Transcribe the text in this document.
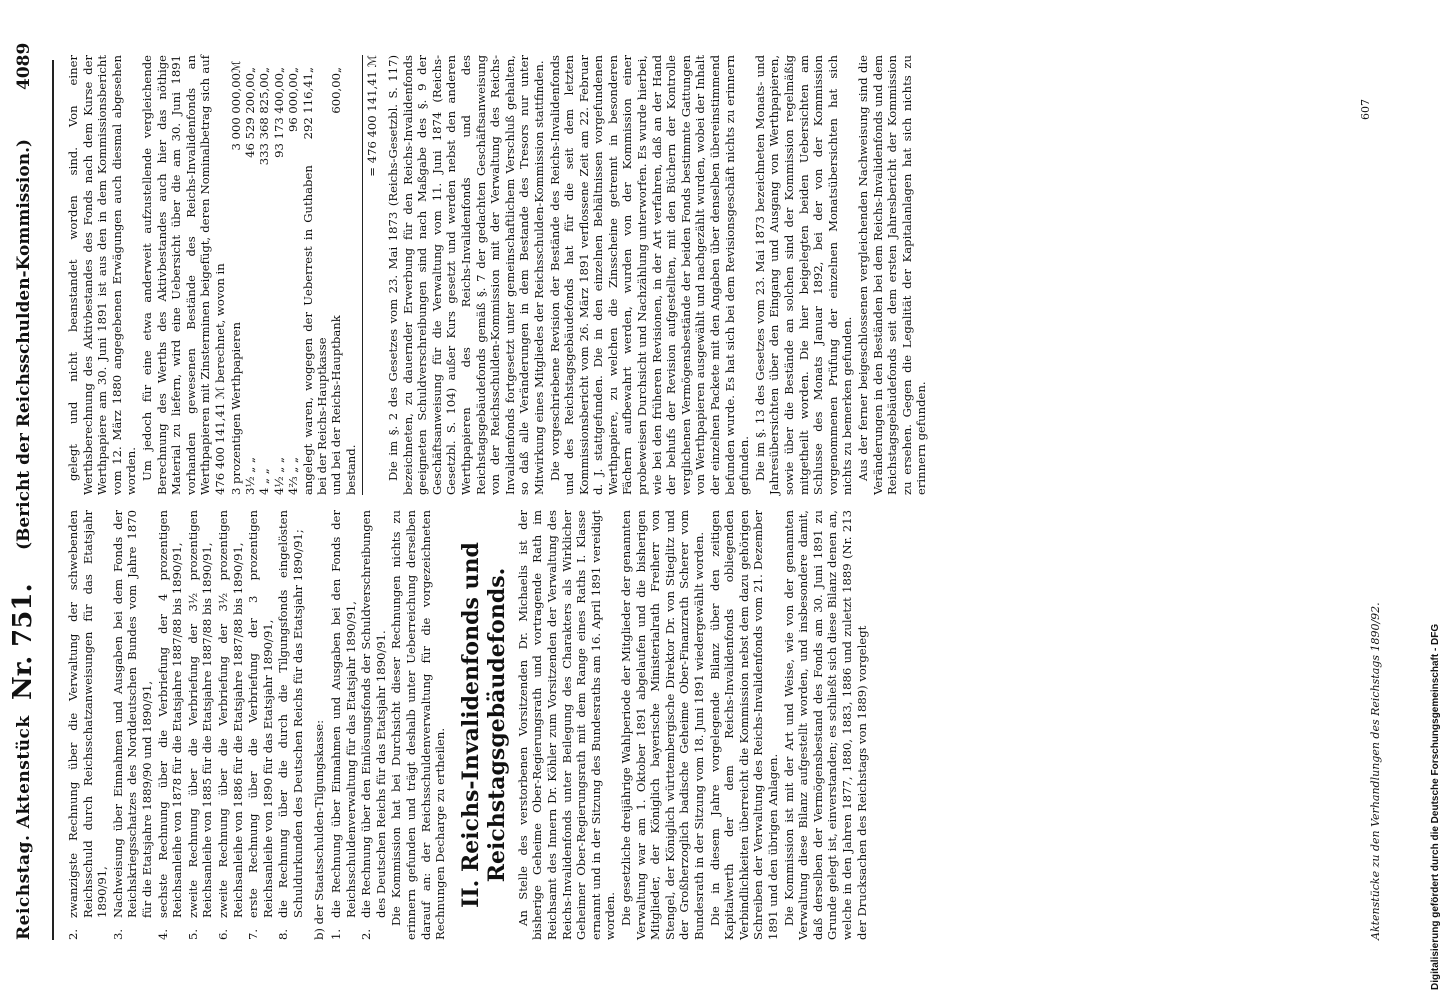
Reichstag. Aktenstück
Nr. 751.
(Bericht der Reichsschulden-Kommission.)
4089
2.
zwanzigste Rechnung über die Verwaltung der schwebenden Reichsschuld durch Reichsschatzanweisungen für das Etatsjahr 1890/91,
3.
Nachweisung über Einnahmen und Ausgaben bei dem Fonds der Reichskriegsschatzes des Norddeutschen Bundes vom Jahre 1870 für die Etatsjahre 1889/90 und 1890/91,
4.
sechste Rechnung über die Verbriefung der 4 prozentigen Reichsanleihe von 1878 für die Etatsjahre 1887/88 bis 1890/91,
5.
zweite Rechnung über die Verbriefung der 3½ prozentigen Reichsanleihe von 1885 für die Etatsjahre 1887/88 bis 1890/91,
6.
zweite Rechnung über die Verbriefung der 3½ prozentigen Reichsanleihe von 1886 für die Etatsjahre 1887/88 bis 1890/91,
7.
erste Rechnung über die Verbriefung der 3 prozentigen Reichsanleihe von 1890 für das Etatsjahr 1890/91,
8.
die Rechnung über die durch die Tilgungsfonds eingelösten Schuldurkunden des Deutschen Reichs für das Etatsjahr 1890/91; b) der Staatsschulden-Tilgungskasse: 1.
die Rechnung über Einnahmen und Ausgaben bei den Fonds der Reichsschuldenverwaltung für das Etatsjahr 1890/91,
2.
die Rechnung über den Einlösungsfonds der Schuldverschreibungen des Deutschen Reichs für das Etatsjahr 1890/91. Die Kommission hat bei Durchsicht dieser Rechnungen nichts zu erinnern gefunden und trägt deshalb unter Ueberreichung derselben darauf an: der Reichsschuldenverwaltung für die vorgezeichneten Rechnungen Decharge zu ertheilen. II. Reichs-Invalidenfonds und Reichstagsgebäudefonds. An Stelle des verstorbenen Vorsitzenden Dr. Michaelis ist der bisherige Geheime Ober-Regierungsrath und vortragende Rath im Reichsamt des Innern Dr. Köhler zum Vorsitzenden der Verwaltung des Reichs-Invalidenfonds unter Beilegung des Charakters als Wirklicher Geheimer Ober-Regierungsrath mit dem Range eines Raths I. Klasse ernannt und in der Sitzung des Bundesraths am 16. April 1891 vereidigt worden. Die gesetzliche dreijährige Wahlperiode der Mitglieder der genannten Verwaltung war am 1. Oktober 1891 abgelaufen und die bisherigen Mitglieder, der Königlich bayerische Ministerialrath Freiherr von Stengel, der Königlich württembergische Direktor Dr. von Stieglitz und der Großherzoglich badische Geheime Ober-Finanzrath Scherer vom Bundesrath in der Sitzung vom 18. Juni 1891 wiedergewählt worden. Die in diesem Jahre vorgelegende Bilanz über den zeitigen Kapitalwerth der dem Reichs-Invalidenfonds obliegenden Verbindlichkeiten überreicht die Kommission nebst dem dazu gehörigen Schreiben der Verwaltung des Reichs-Invalidenfonds vom 21. Dezember 1891 und den übrigen Anlagen. Die Kommission ist mit der Art und Weise, wie von der genannten Verwaltung diese Bilanz aufgestellt worden, und insbesondere damit, daß derselben der Vermögensbestand des Fonds am 30. Juni 1891 zu Grunde gelegt ist, einverstanden; es schließt sich diese Bilanz denen an, welche in den Jahren 1877, 1880, 1883, 1886 und zuletzt 1889 (Nr. 213 der Drucksachen des Reichstags von 1889) vorgelegt

gelegt und nicht beanstandet worden sind. Von einer Werthsberechnung des Aktivbestandes des Fonds nach dem Kurse der Werthpapiere am 30. Juni 1891 ist aus den in dem Kommissionsbericht vom 12. März 1880 angegebenen Erwägungen auch diesmal abgesehen worden. Um jedoch für eine etwa anderweit aufzustellende vergleichende Berechnung des Werths des Aktivbestandes auch hier das nöthige Material zu liefern, wird eine Uebersicht über die am 30. Juni 1891 vorhanden gewesenen Bestände des Reichs-Invalidenfonds an Werthpapieren mit Zinsterminen beigefügt, deren Nominalbetrag sich auf 476 400 141,41 ℳ berechnet, wovon in 3 prozentigen Werthpapieren	3 000 000,00	ℳ
3½ „ „	46 529 200,00	„
4 „ „	333 368 825,00	„
4½ „ „	93 173 400,00	„
4⅔ „ „	96 000,00	„
angelegt waren, wogegen der Ueberrest in Guthaben bei der Reichs-Hauptkasse	292 116,41	„
und bei der Reichs-Hauptbank	600,00	„
bestand.
= 476 400 141,41 ℳ Die im §. 2 des Gesetzes vom 23. Mai 1873 (Reichs-Gesetzbl. S. 117) bezeichneten, zu dauernder Erwerbung für den Reichs-Invalidenfonds geeigneten Schuldverschreibungen sind nach Maßgabe des §. 9 der Geschäftsanweisung für die Verwaltung vom 11. Juni 1874 (Reichs-Gesetzbl. S. 104) außer Kurs gesetzt und werden nebst den anderen Werthpapieren des Reichs-Invalidenfonds und des Reichstagsgebäudefonds gemäß §. 7 der gedachten Geschäftsanweisung von der Reichsschulden-Kommission mit der Verwaltung des Reichs-Invalidenfonds fortgesetzt unter gemeinschaftlichem Verschluß gehalten, so daß alle Veränderungen in dem Bestande des Tresors nur unter Mitwirkung eines Mitgliedes der Reichsschulden-Kommission stattfinden. Die vorgeschriebene Revision der Bestände des Reichs-Invalidenfonds und des Reichstagsgebäudefonds hat für die seit dem letzten Kommissionsbericht vom 26. März 1891 verflossene Zeit am 22. Februar d. J. stattgefunden. Die in den einzelnen Behältnissen vorgefundenen Werthpapiere, zu welchen die Zinsscheine getrennt in besonderen Fächern aufbewahrt werden, wurden von der Kommission einer probeweisen Durchsicht und Nachzählung unterworfen. Es wurde hierbei, wie bei den früheren Revisionen, in der Art verfahren, daß an der Hand der behufs der Revision aufgestellten, mit den Büchern der Kontrolle verglichenen Vermögensbestände der beiden Fonds bestimmte Gattungen von Werthpapieren ausgewählt und nachgezählt wurden, wobei der Inhalt der einzelnen Packete mit den Angaben über denselben übereinstimmend befunden wurde. Es hat sich bei dem Revisionsgeschäft nichts zu erinnern gefunden. Die im §. 13 des Gesetzes vom 23. Mai 1873 bezeichneten Monats- und Jahresübersichten über den Eingang und Ausgang von Werthpapieren, sowie über die Bestände an solchen sind der Kommission regelmäßig mitgetheilt worden. Die hier beigelegten beiden Uebersichten am Schlusse des Monats Januar 1892, bei der von der Kommission vorgenommenen Prüfung der einzelnen Monatsübersichten hat sich nichts zu bemerken gefunden. Aus der ferner beigeschlossenen vergleichenden Nachweisung sind die Veränderungen in den Beständen bei dem Reichs-Invalidenfonds und dem Reichstagsgebäudefonds seit dem ersten Jahresbericht der Kommission zu ersehen. Gegen die Legalität der Kapitalanlagen hat sich nichts zu erinnern gefunden.

Aktenstücke zu den Verhandlungen des Reichstags 1890/92.
607
Digitalisierung gefördert durch die Deutsche Forschungsgemeinschaft - DFG
